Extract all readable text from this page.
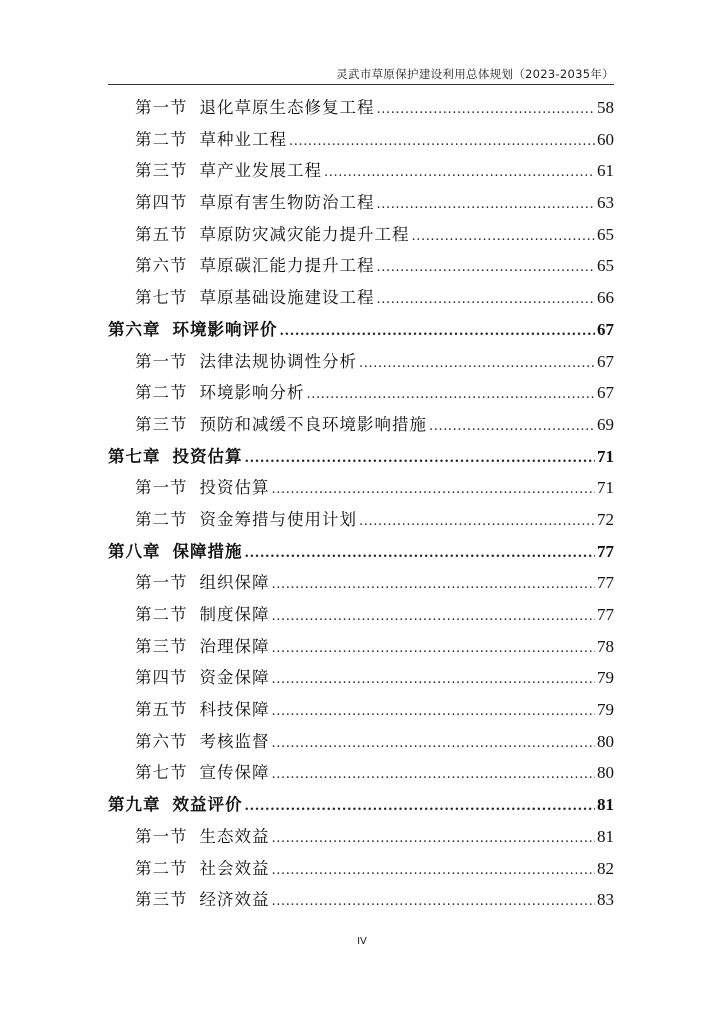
灵武市草原保护建设利用总体规划（2023-2035年）
第一节 退化草原生态修复工程 .....	58
第二节 草种业工程 .....	60
第三节 草产业发展工程 .....	61
第四节 草原有害生物防治工程 .....	63
第五节 草原防灾减灾能力提升工程 .....	65
第六节 草原碳汇能力提升工程 .....	65
第七节 草原基础设施建设工程 .....	66
第六章 环境影响评价 .....	67
第一节 法律法规协调性分析 .....	67
第二节 环境影响分析 .....	67
第三节 预防和减缓不良环境影响措施 .....	69
第七章 投资估算 .....	71
第一节 投资估算 .....	71
第二节 资金筹措与使用计划 .....	72
第八章 保障措施 .....	77
第一节 组织保障 .....	77
第二节 制度保障 .....	77
第三节 治理保障 .....	78
第四节 资金保障 .....	79
第五节 科技保障 .....	79
第六节 考核监督 .....	80
第七节 宣传保障 .....	80
第九章 效益评价 .....	81
第一节 生态效益 .....	81
第二节 社会效益 .....	82
第三节 经济效益 .....	83
IV
